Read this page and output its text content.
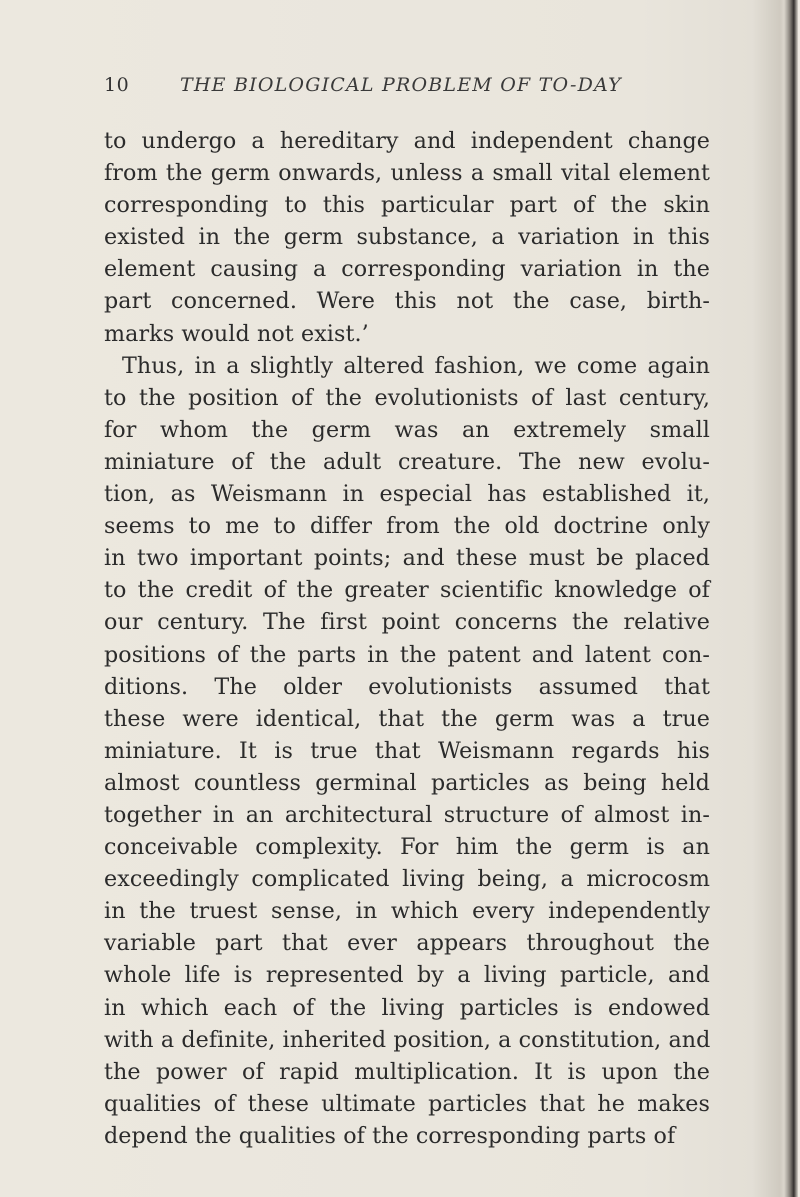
10	THE BIOLOGICAL PROBLEM OF TO-DAY
to undergo a hereditary and independent change
from the germ onwards, unless a small vital element
corresponding to this particular part of the skin
existed in the germ substance, a variation in this
element causing a corresponding variation in the
part concerned. Were this not the case, birth-
marks would not exist.’
Thus, in a slightly altered fashion, we come again
to the position of the evolutionists of last century,
for whom the germ was an extremely small
miniature of the adult creature. The new evolu-
tion, as Weismann in especial has established it,
seems to me to differ from the old doctrine only
in two important points; and these must be placed
to the credit of the greater scientific knowledge of
our century. The first point concerns the relative
positions of the parts in the patent and latent con-
ditions. The older evolutionists assumed that
these were identical, that the germ was a true
miniature. It is true that Weismann regards his
almost countless germinal particles as being held
together in an architectural structure of almost in-
conceivable complexity. For him the germ is an
exceedingly complicated living being, a microcosm
in the truest sense, in which every independently
variable part that ever appears throughout the
whole life is represented by a living particle, and
in which each of the living particles is endowed
with a definite, inherited position, a constitution, and
the power of rapid multiplication. It is upon the
qualities of these ultimate particles that he makes
depend the qualities of the corresponding parts of
